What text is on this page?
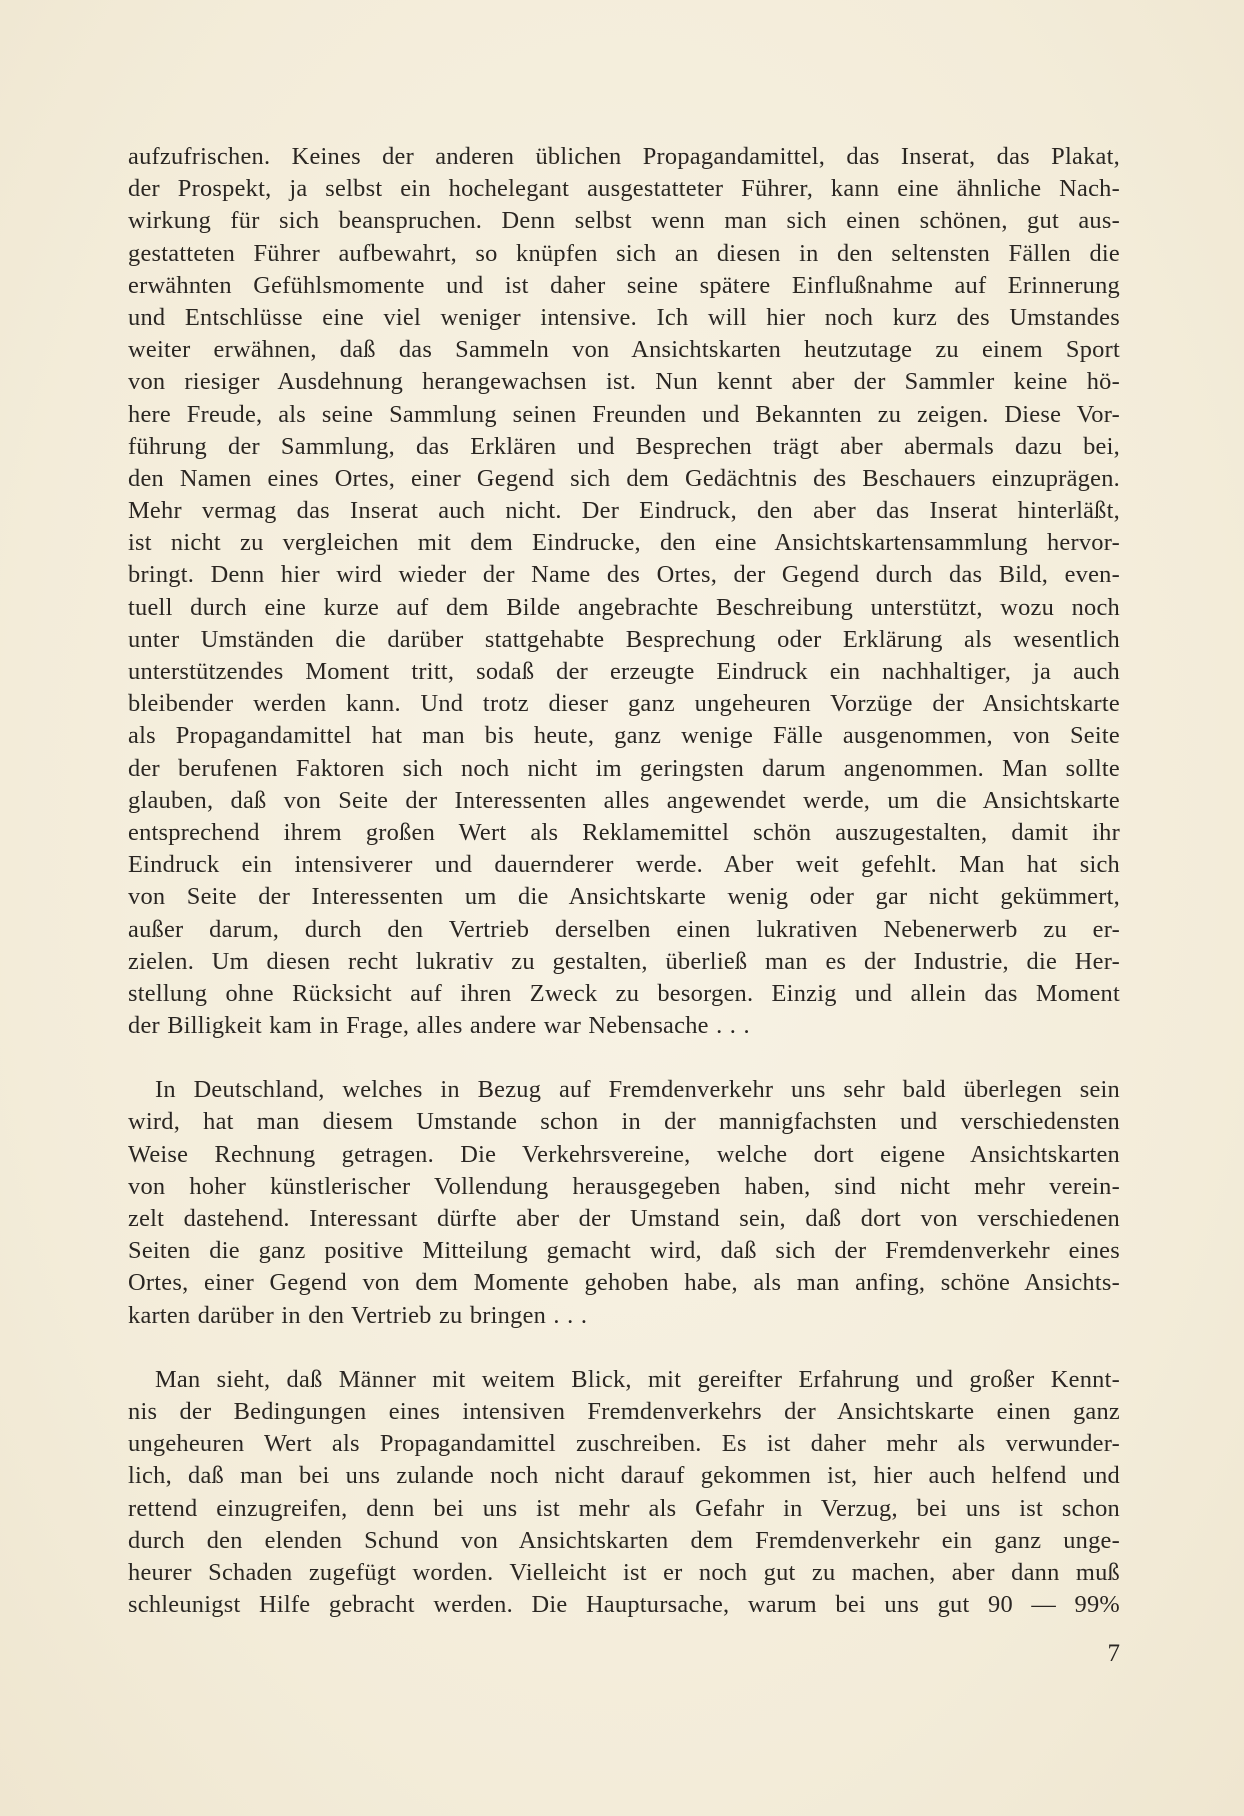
aufzufrischen. Keines der anderen üblichen Propagandamittel, das Inserat, das Plakat,
der Prospekt, ja selbst ein hochelegant ausgestatteter Führer, kann eine ähnliche Nach-
wirkung für sich beanspruchen. Denn selbst wenn man sich einen schönen, gut aus-
gestatteten Führer aufbewahrt, so knüpfen sich an diesen in den seltensten Fällen die
erwähnten Gefühlsmomente und ist daher seine spätere Einflußnahme auf Erinnerung
und Entschlüsse eine viel weniger intensive. Ich will hier noch kurz des Umstandes
weiter erwähnen, daß das Sammeln von Ansichtskarten heutzutage zu einem Sport
von riesiger Ausdehnung herangewachsen ist. Nun kennt aber der Sammler keine hö-
here Freude, als seine Sammlung seinen Freunden und Bekannten zu zeigen. Diese Vor-
führung der Sammlung, das Erklären und Besprechen trägt aber abermals dazu bei,
den Namen eines Ortes, einer Gegend sich dem Gedächtnis des Beschauers einzuprägen.
Mehr vermag das Inserat auch nicht. Der Eindruck, den aber das Inserat hinterläßt,
ist nicht zu vergleichen mit dem Eindrucke, den eine Ansichtskartensammlung hervor-
bringt. Denn hier wird wieder der Name des Ortes, der Gegend durch das Bild, even-
tuell durch eine kurze auf dem Bilde angebrachte Beschreibung unterstützt, wozu noch
unter Umständen die darüber stattgehabte Besprechung oder Erklärung als wesentlich
unterstützendes Moment tritt, sodaß der erzeugte Eindruck ein nachhaltiger, ja auch
bleibender werden kann. Und trotz dieser ganz ungeheuren Vorzüge der Ansichtskarte
als Propagandamittel hat man bis heute, ganz wenige Fälle ausgenommen, von Seite
der berufenen Faktoren sich noch nicht im geringsten darum angenommen. Man sollte
glauben, daß von Seite der Interessenten alles angewendet werde, um die Ansichtskarte
entsprechend ihrem großen Wert als Reklamemittel schön auszugestalten, damit ihr
Eindruck ein intensiverer und dauernderer werde. Aber weit gefehlt. Man hat sich
von Seite der Interessenten um die Ansichtskarte wenig oder gar nicht gekümmert,
außer darum, durch den Vertrieb derselben einen lukrativen Nebenerwerb zu er-
zielen. Um diesen recht lukrativ zu gestalten, überließ man es der Industrie, die Her-
stellung ohne Rücksicht auf ihren Zweck zu besorgen. Einzig und allein das Moment
der Billigkeit kam in Frage, alles andere war Nebensache . . .

In Deutschland, welches in Bezug auf Fremdenverkehr uns sehr bald überlegen sein
wird, hat man diesem Umstande schon in der mannigfachsten und verschiedensten
Weise Rechnung getragen. Die Verkehrsvereine, welche dort eigene Ansichtskarten
von hoher künstlerischer Vollendung herausgegeben haben, sind nicht mehr verein-
zelt dastehend. Interessant dürfte aber der Umstand sein, daß dort von verschiedenen
Seiten die ganz positive Mitteilung gemacht wird, daß sich der Fremdenverkehr eines
Ortes, einer Gegend von dem Momente gehoben habe, als man anfing, schöne Ansichts-
karten darüber in den Vertrieb zu bringen . . .

Man sieht, daß Männer mit weitem Blick, mit gereifter Erfahrung und großer Kennt-
nis der Bedingungen eines intensiven Fremdenverkehrs der Ansichtskarte einen ganz
ungeheuren Wert als Propagandamittel zuschreiben. Es ist daher mehr als verwunder-
lich, daß man bei uns zulande noch nicht darauf gekommen ist, hier auch helfend und
rettend einzugreifen, denn bei uns ist mehr als Gefahr in Verzug, bei uns ist schon
durch den elenden Schund von Ansichtskarten dem Fremdenverkehr ein ganz unge-
heurer Schaden zugefügt worden. Vielleicht ist er noch gut zu machen, aber dann muß
schleunigst Hilfe gebracht werden. Die Hauptursache, warum bei uns gut 90 — 99%

7
